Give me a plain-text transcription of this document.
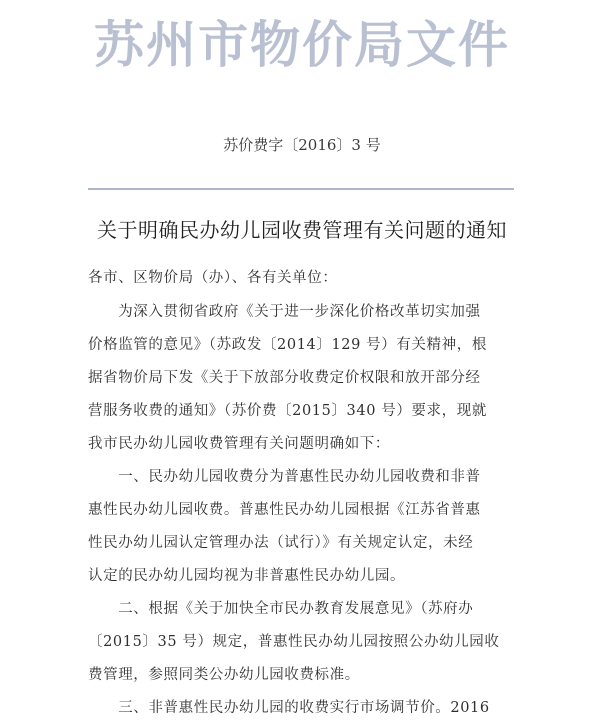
苏州市物价局文件
苏价费字〔2016〕3 号
关于明确民办幼儿园收费管理有关问题的通知
各市、区物价局（办）、各有关单位：
　　为深入贯彻省政府《关于进一步深化价格改革切实加强
价格监管的意见》（苏政发〔2014〕129 号）有关精神，根
据省物价局下发《关于下放部分收费定价权限和放开部分经
营服务收费的通知》（苏价费〔2015〕340 号）要求，现就
我市民办幼儿园收费管理有关问题明确如下：
　　一、民办幼儿园收费分为普惠性民办幼儿园收费和非普
惠性民办幼儿园收费。普惠性民办幼儿园根据《江苏省普惠
性民办幼儿园认定管理办法（试行）》有关规定认定，未经
认定的民办幼儿园均视为非普惠性民办幼儿园。
　　二、根据《关于加快全市民办教育发展意见》（苏府办
〔2015〕35 号）规定，普惠性民办幼儿园按照公办幼儿园收
费管理，参照同类公办幼儿园收费标准。
　　三、非普惠性民办幼儿园的收费实行市场调节价。2016
